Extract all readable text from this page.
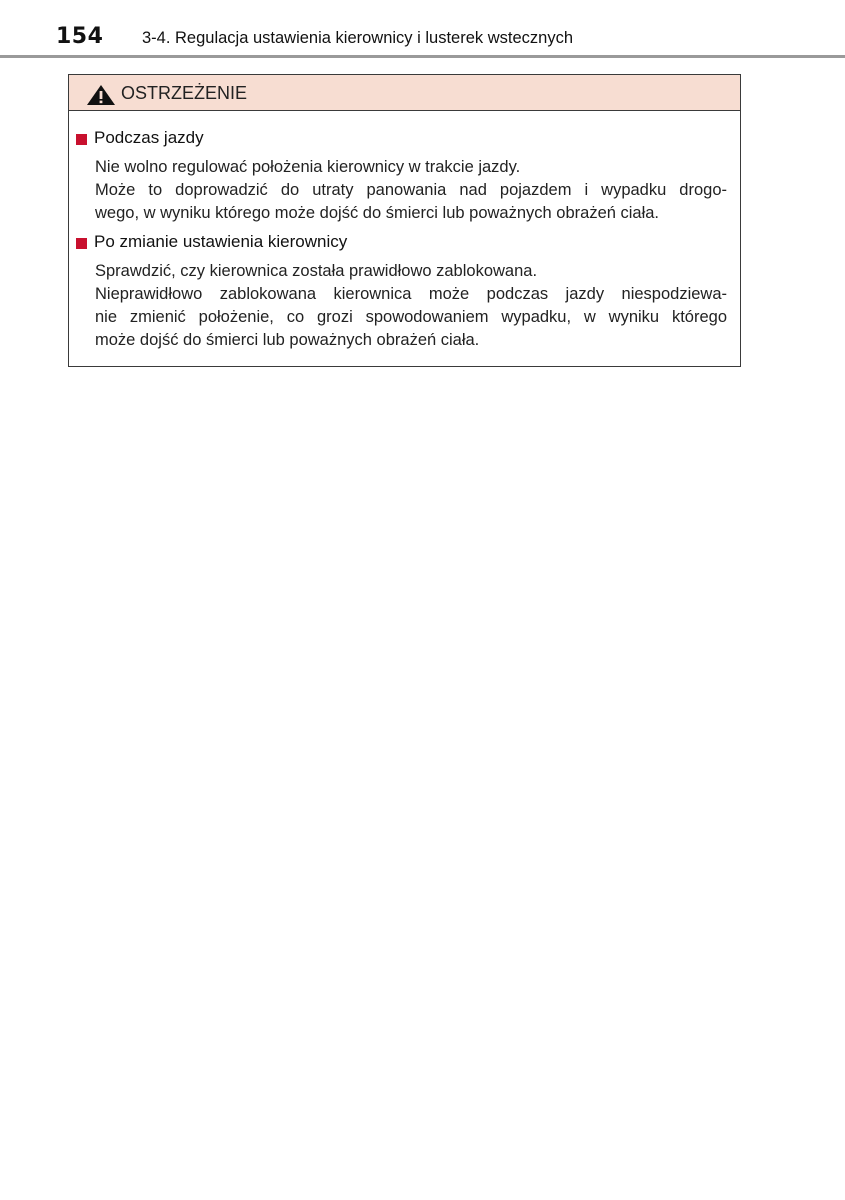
154 3-4. Regulacja ustawienia kierownicy i lusterek wstecznych
OSTRZEŻENIE
Podczas jazdy
Nie wolno regulować położenia kierownicy w trakcie jazdy.
Może to doprowadzić do utraty panowania nad pojazdem i wypadku drogo-
wego, w wyniku którego może dojść do śmierci lub poważnych obrażeń ciała.
Po zmianie ustawienia kierownicy
Sprawdzić, czy kierownica została prawidłowo zablokowana.
Nieprawidłowo zablokowana kierownica może podczas jazdy niespodziewa-
nie zmienić położenie, co grozi spowodowaniem wypadku, w wyniku którego
może dojść do śmierci lub poważnych obrażeń ciała.
